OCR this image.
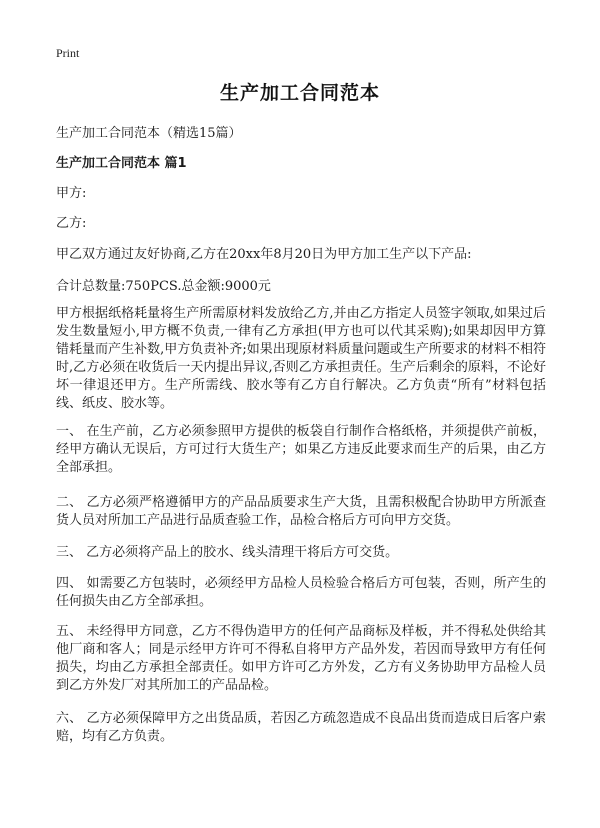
Print
生产加工合同范本
生产加工合同范本（精选15篇）
生产加工合同范本 篇1
甲方:
乙方:
甲乙双方通过友好协商,乙方在20xx年8月20日为甲方加工生产以下产品:
合计总数量:750PCS.总金额:9000元
甲方根据纸格耗量将生产所需原材料发放给乙方,并由乙方指定人员签字领取,如果过后发生数量短小,甲方概不负责,一律有乙方承担(甲方也可以代其采购);如果却因甲方算错耗量而产生补数,甲方负责补齐;如果出现原材料质量问题或生产所要求的材料不相符时,乙方必须在收货后一天内提出异议,否则乙方承担责任。生产后剩余的原料，不论好坏一律退还甲方。生产所需线、胶水等有乙方自行解决。乙方负责“所有”材料包括线、纸皮、胶水等。
一、 在生产前，乙方必须参照甲方提供的板袋自行制作合格纸格，并须提供产前板，经甲方确认无误后，方可过行大货生产；如果乙方违反此要求而生产的后果，由乙方全部承担。
二、 乙方必须严格遵循甲方的产品品质要求生产大货，且需积极配合协助甲方所派查货人员对所加工产品进行品质查验工作，品检合格后方可向甲方交货。
三、 乙方必须将产品上的胶水、线头清理干将后方可交货。
四、 如需要乙方包装时，必须经甲方品检人员检验合格后方可包装，否则，所产生的任何损失由乙方全部承担。
五、 未经得甲方同意，乙方不得伪造甲方的任何产品商标及样板，并不得私处供给其他厂商和客人；同是示经甲方许可不得私自将甲方产品外发，若因而导致甲方有任何损失，均由乙方承担全部责任。如甲方许可乙方外发，乙方有义务协助甲方品检人员到乙方外发厂对其所加工的产品品检。
六、 乙方必须保障甲方之出货品质，若因乙方疏忽造成不良品出货而造成日后客户索赔，均有乙方负责。
